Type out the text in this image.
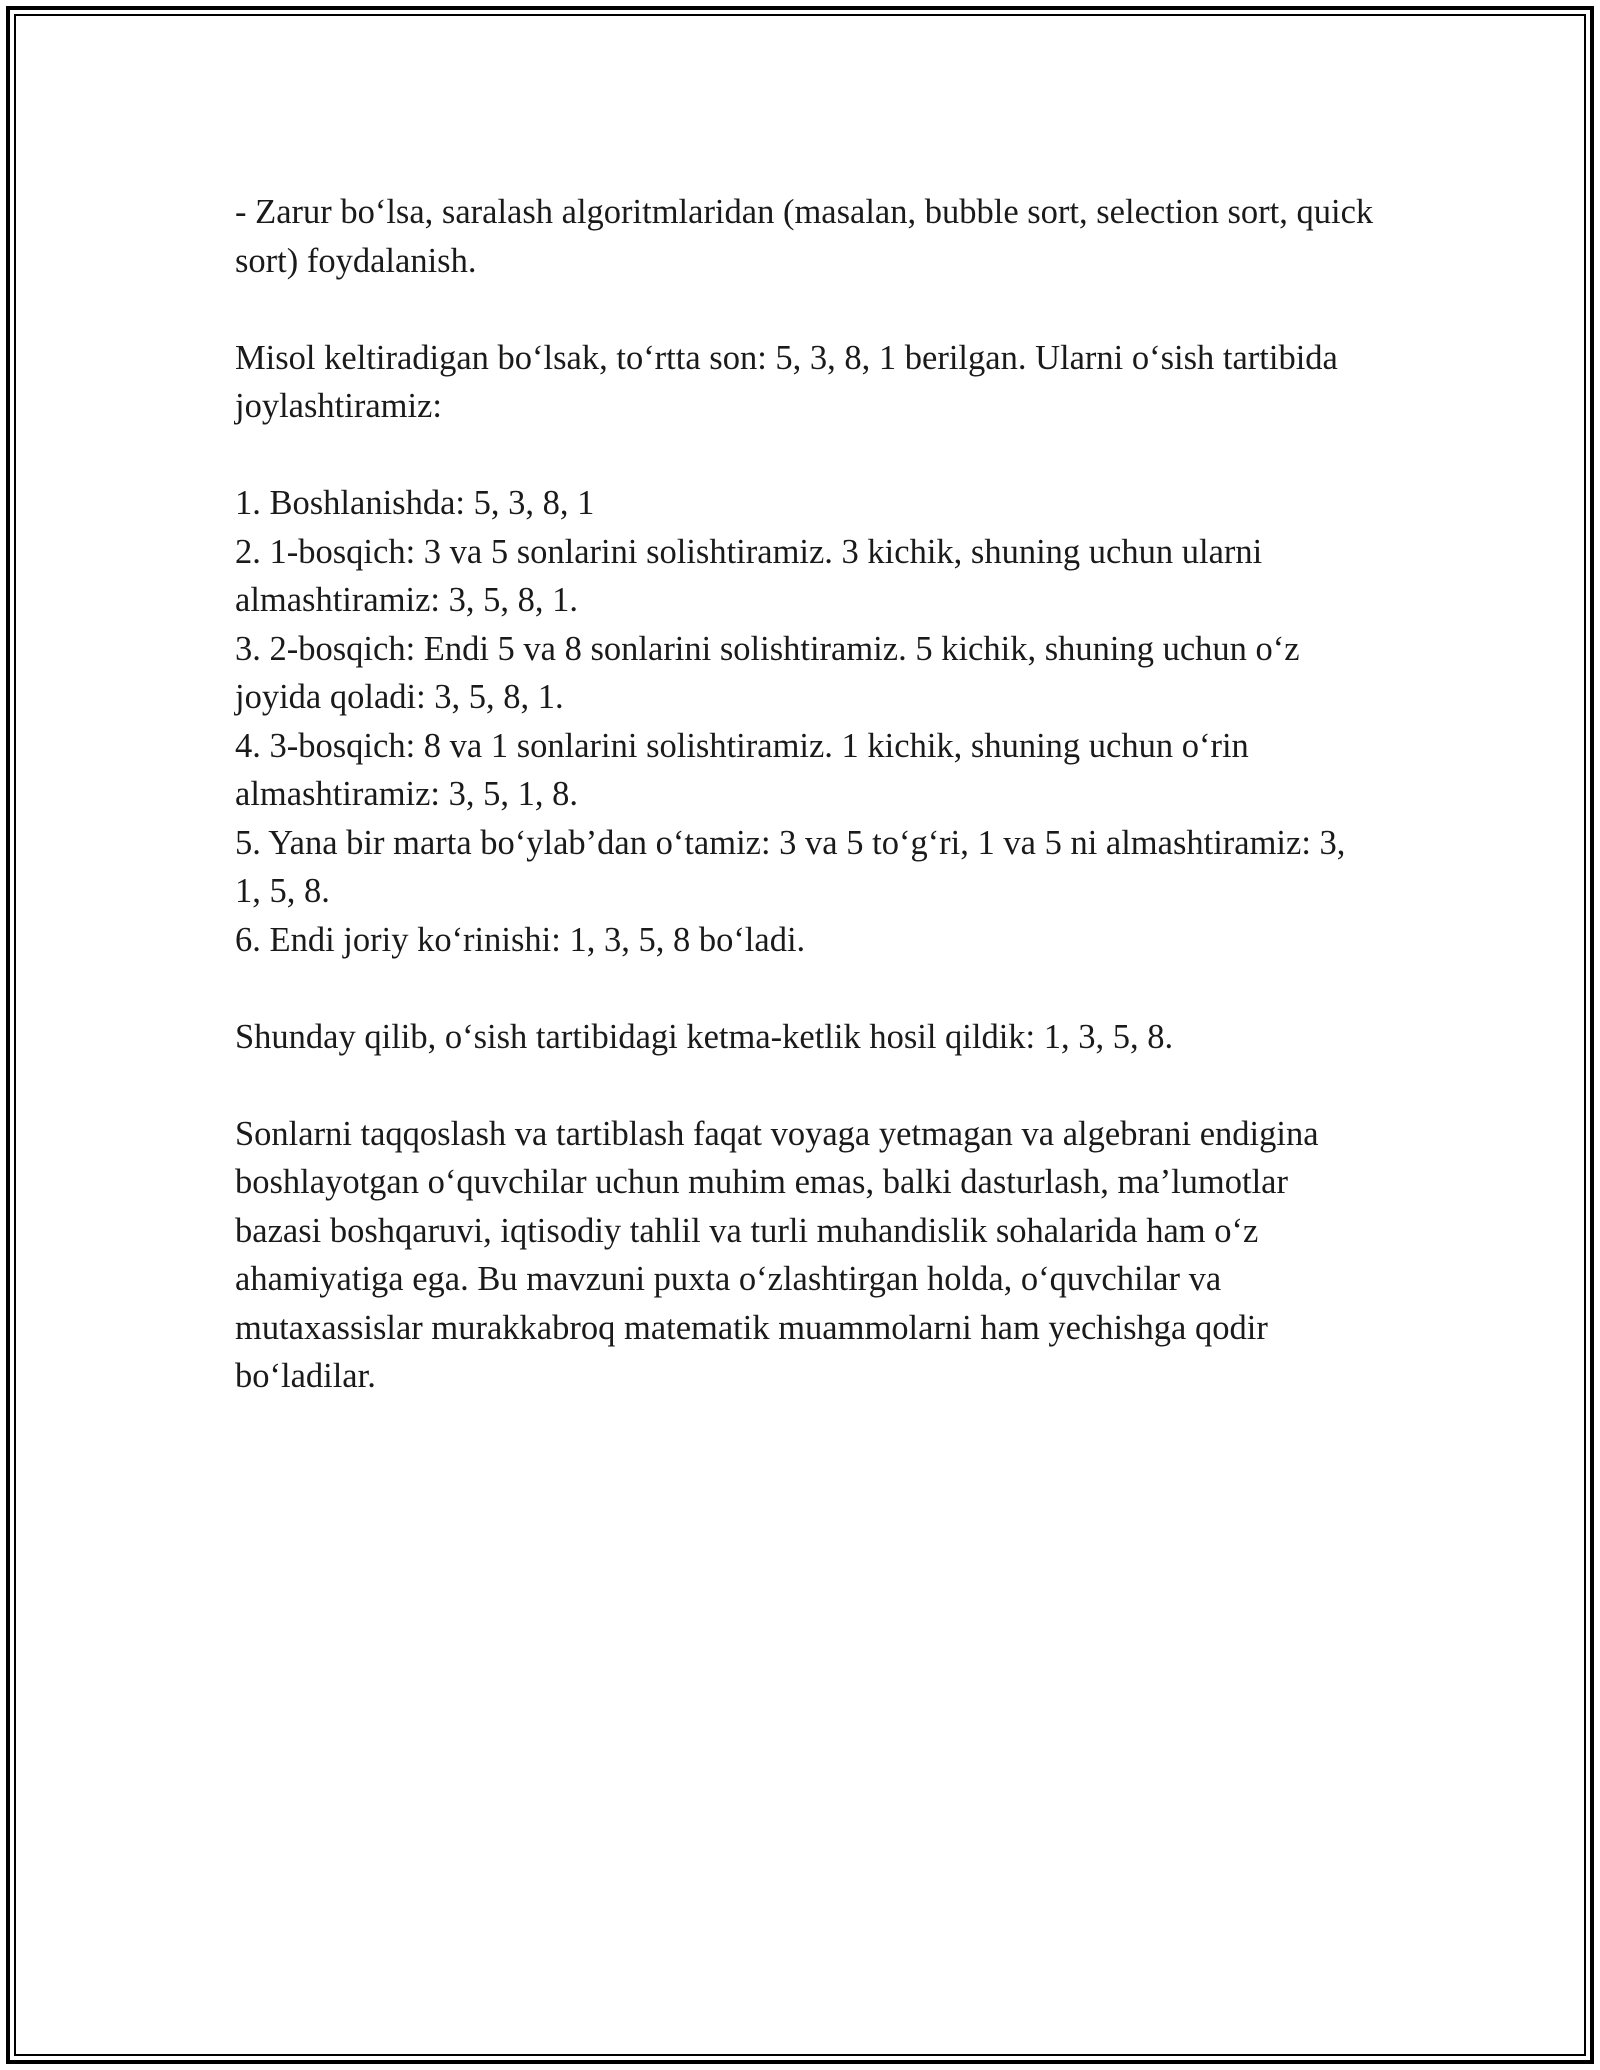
- Zarur bo‘lsa, saralash algoritmlaridan (masalan, bubble sort, selection sort, quick sort) foydalanish.

Misol keltiradigan bo‘lsak, to‘rtta son: 5, 3, 8, 1 berilgan. Ularni o‘sish tartibida joylashtiramiz:

1. Boshlanishda: 5, 3, 8, 1

2. 1-bosqich: 3 va 5 sonlarini solishtiramiz. 3 kichik, shuning uchun ularni almashtiramiz: 3, 5, 8, 1.

3. 2-bosqich: Endi 5 va 8 sonlarini solishtiramiz. 5 kichik, shuning uchun o‘z joyida qoladi: 3, 5, 8, 1.

4. 3-bosqich: 8 va 1 sonlarini solishtiramiz. 1 kichik, shuning uchun o‘rin almashtiramiz: 3, 5, 1, 8.

5. Yana bir marta bo‘ylab’dan o‘tamiz: 3 va 5 to‘g‘ri, 1 va 5 ni almashtiramiz: 3, 1, 5, 8.

6. Endi joriy ko‘rinishi: 1, 3, 5, 8 bo‘ladi.

Shunday qilib, o‘sish tartibidagi ketma-ketlik hosil qildik: 1, 3, 5, 8.

Sonlarni taqqoslash va tartiblash faqat voyaga yetmagan va algebrani endigina boshlayotgan o‘quvchilar uchun muhim emas, balki dasturlash, ma’lumotlar bazasi boshqaruvi, iqtisodiy tahlil va turli muhandislik sohalarida ham o‘z ahamiyatiga ega. Bu mavzuni puxta o‘zlashtirgan holda, o‘quvchilar va mutaxassislar murakkabroq matematik muammolarni ham yechishga qodir bo‘ladilar.
